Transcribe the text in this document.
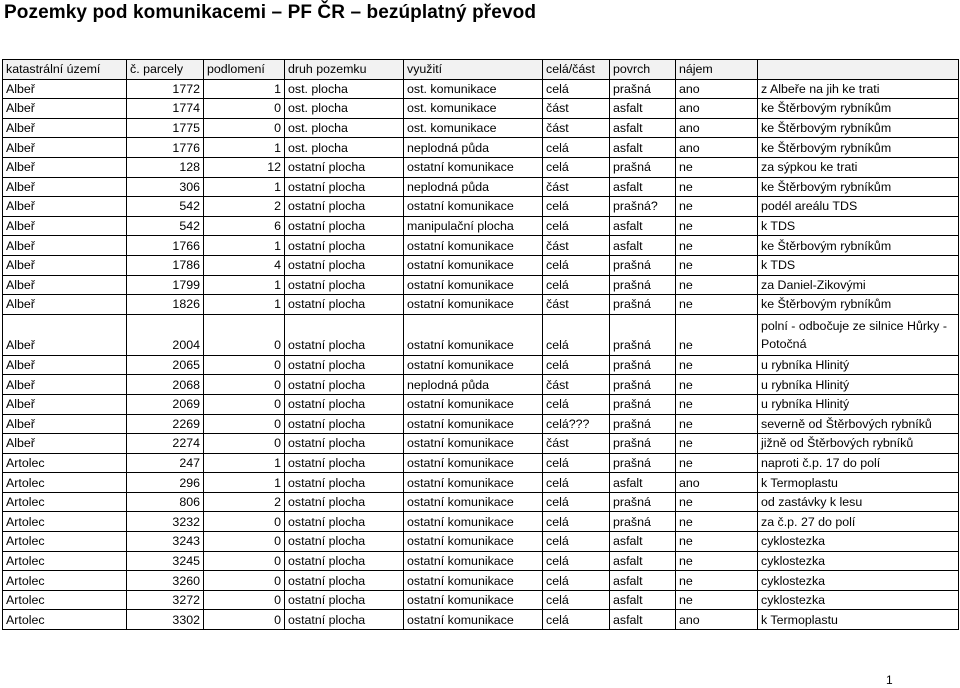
Pozemky pod komunikacemi – PF ČR – bezúplatný převod
katastrální území	č. parcely	podlomení	druh pozemku	využití	celá/část	povrch	nájem	
Albeř	1772	1	ost. plocha	ost. komunikace	celá	prašná	ano	z Albeře na jih ke trati
Albeř	1774	0	ost. plocha	ost. komunikace	část	asfalt	ano	ke Štěrbovým rybníkům
Albeř	1775	0	ost. plocha	ost. komunikace	část	asfalt	ano	ke Štěrbovým rybníkům
Albeř	1776	1	ost. plocha	neplodná půda	celá	asfalt	ano	ke Štěrbovým rybníkům
Albeř	128	12	ostatní plocha	ostatní komunikace	celá	prašná	ne	za sýpkou ke trati
Albeř	306	1	ostatní plocha	neplodná půda	část	asfalt	ne	ke Štěrbovým rybníkům
Albeř	542	2	ostatní plocha	ostatní komunikace	celá	prašná?	ne	podél areálu TDS
Albeř	542	6	ostatní plocha	manipulační plocha	celá	asfalt	ne	k TDS
Albeř	1766	1	ostatní plocha	ostatní komunikace	část	asfalt	ne	ke Štěrbovým rybníkům
Albeř	1786	4	ostatní plocha	ostatní komunikace	celá	prašná	ne	k TDS
Albeř	1799	1	ostatní plocha	ostatní komunikace	celá	prašná	ne	za Daniel-Zikovými
Albeř	1826	1	ostatní plocha	ostatní komunikace	část	prašná	ne	ke Štěrbovým rybníkům
Albeř	2004	0	ostatní plocha	ostatní komunikace	celá	prašná	ne	polní - odbočuje ze silnice Hůrky - Potočná
Albeř	2065	0	ostatní plocha	ostatní komunikace	celá	prašná	ne	u rybníka Hlinitý
Albeř	2068	0	ostatní plocha	neplodná půda	část	prašná	ne	u rybníka Hlinitý
Albeř	2069	0	ostatní plocha	ostatní komunikace	celá	prašná	ne	u rybníka Hlinitý
Albeř	2269	0	ostatní plocha	ostatní komunikace	celá???	prašná	ne	severně od Štěrbových rybníků
Albeř	2274	0	ostatní plocha	ostatní komunikace	část	prašná	ne	jižně od Štěrbových rybníků
Artolec	247	1	ostatní plocha	ostatní komunikace	celá	prašná	ne	naproti č.p. 17 do polí
Artolec	296	1	ostatní plocha	ostatní komunikace	celá	asfalt	ano	k Termoplastu
Artolec	806	2	ostatní plocha	ostatní komunikace	celá	prašná	ne	od zastávky k lesu
Artolec	3232	0	ostatní plocha	ostatní komunikace	celá	prašná	ne	za č.p. 27 do polí
Artolec	3243	0	ostatní plocha	ostatní komunikace	celá	asfalt	ne	cyklostezka
Artolec	3245	0	ostatní plocha	ostatní komunikace	celá	asfalt	ne	cyklostezka
Artolec	3260	0	ostatní plocha	ostatní komunikace	celá	asfalt	ne	cyklostezka
Artolec	3272	0	ostatní plocha	ostatní komunikace	celá	asfalt	ne	cyklostezka
Artolec	3302	0	ostatní plocha	ostatní komunikace	celá	asfalt	ano	k Termoplastu
1
